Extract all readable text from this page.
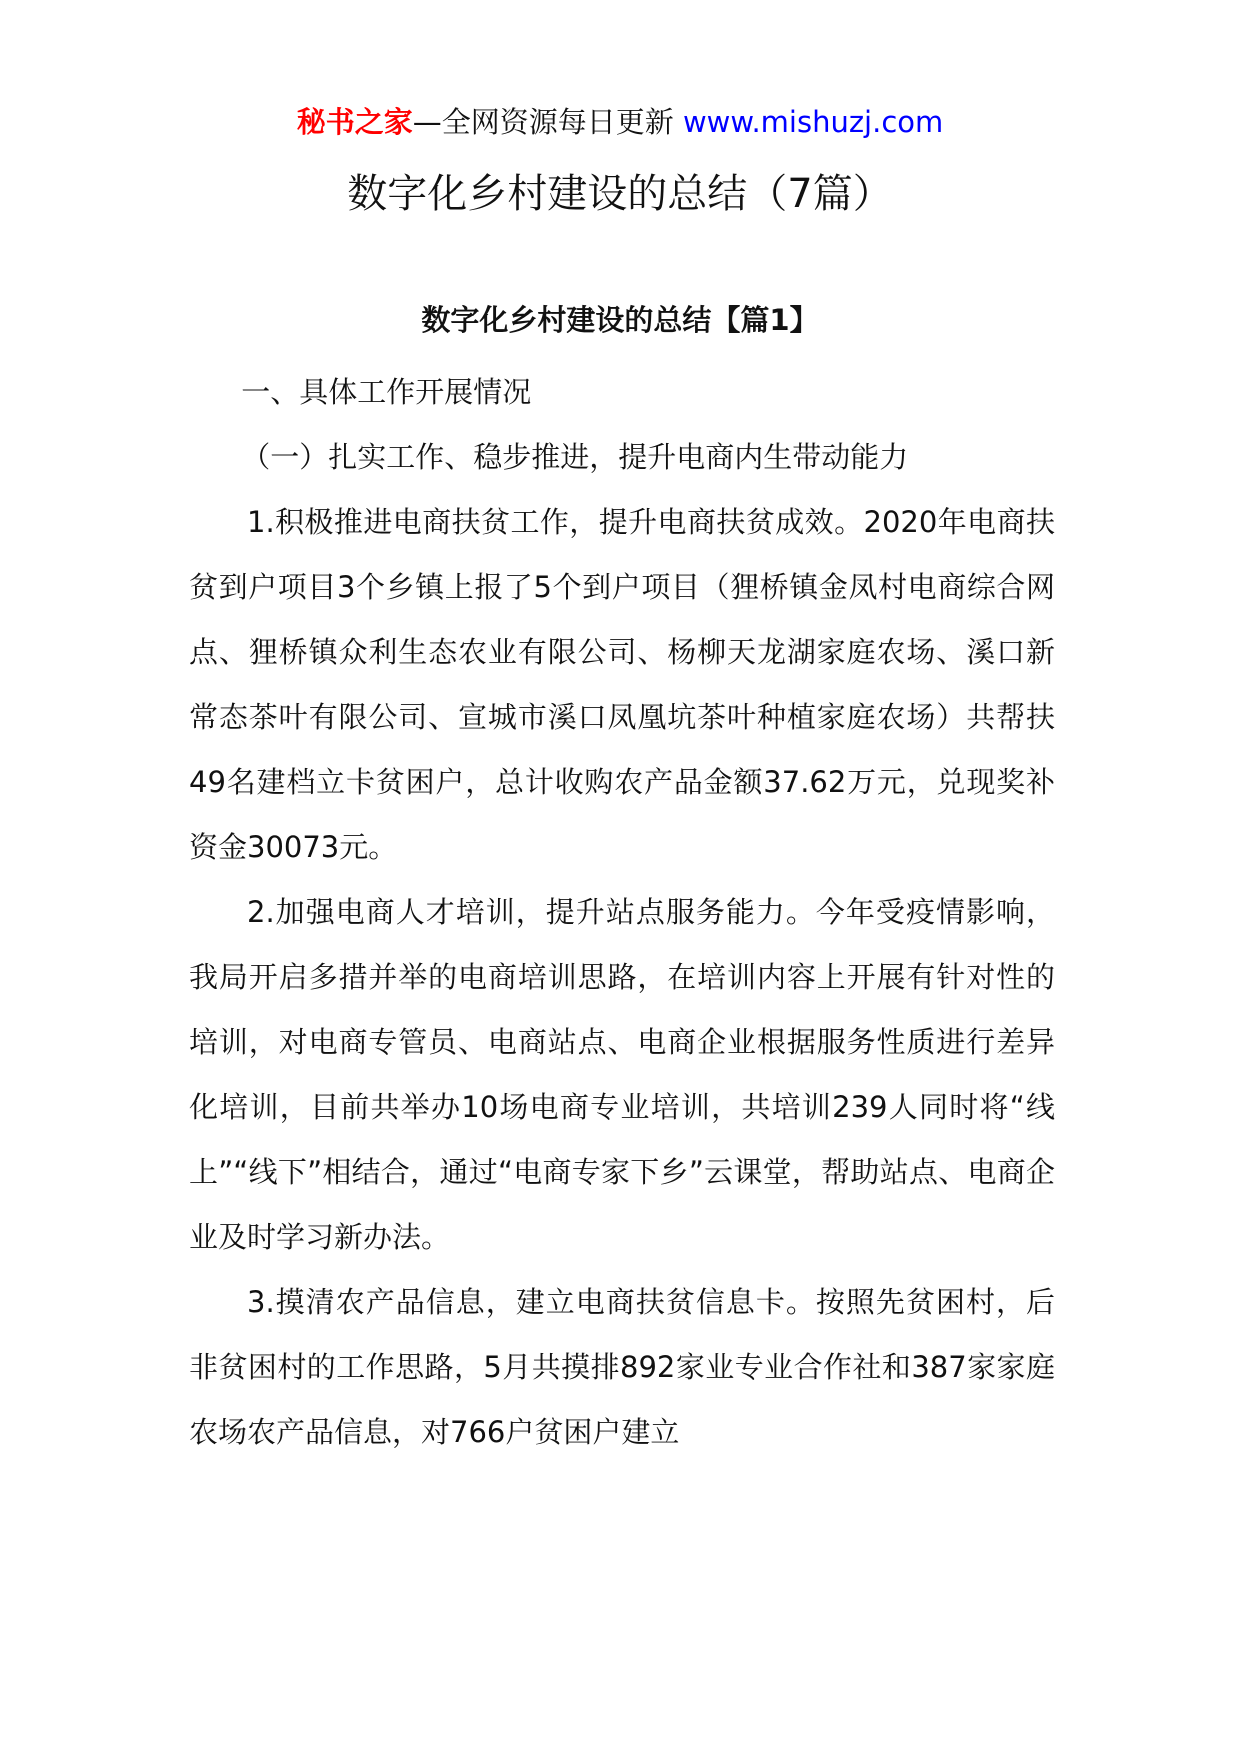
秘书之家—全网资源每日更新 www.mishuzj.com
数字化乡村建设的总结（7篇）
数字化乡村建设的总结【篇1】

一、具体工作开展情况

（一）扎实工作、稳步推进，提升电商内生带动能力

1.积极推进电商扶贫工作，提升电商扶贫成效。2020年电商扶贫到户项目3个乡镇上报了5个到户项目（狸桥镇金凤村电商综合网点、狸桥镇众利生态农业有限公司、杨柳天龙湖家庭农场、溪口新常态茶叶有限公司、宣城市溪口凤凰坑茶叶种植家庭农场）共帮扶49名建档立卡贫困户，总计收购农产品金额37.62万元，兑现奖补资金30073元。

2.加强电商人才培训，提升站点服务能力。今年受疫情影响，我局开启多措并举的电商培训思路，在培训内容上开展有针对性的培训，对电商专管员、电商站点、电商企业根据服务性质进行差异化培训，目前共举办10场电商专业培训，共培训239人同时将“线上”“线下”相结合，通过“电商专家下乡”云课堂，帮助站点、电商企业及时学习新办法。

3.摸清农产品信息，建立电商扶贫信息卡。按照先贫困村，后非贫困村的工作思路，5月共摸排892家业专业合作社和387家家庭农场农产品信息，对766户贫困户建立
